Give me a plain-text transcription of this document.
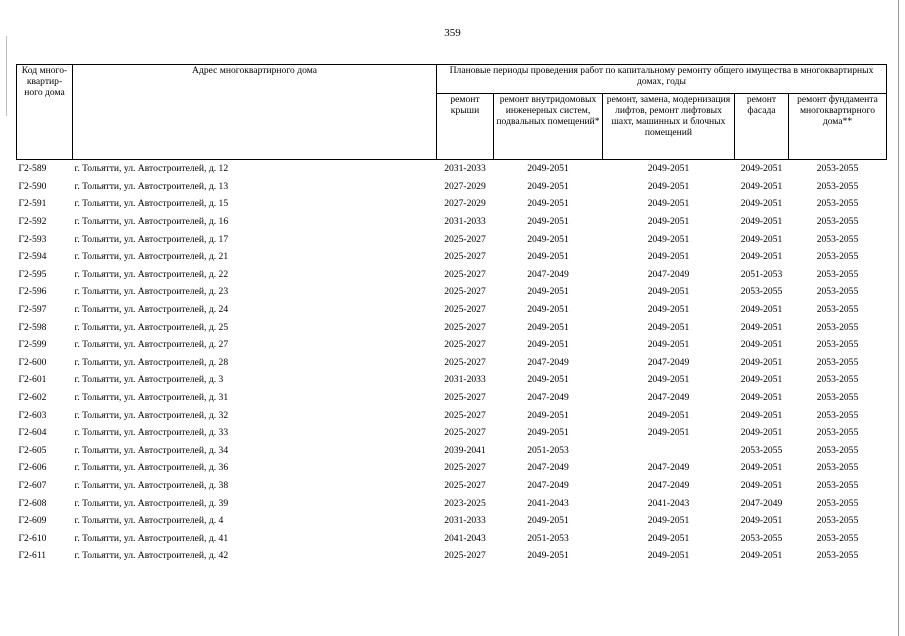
359
Код много-квартир-ного дома	Адрес многоквартирного дома	Плановые периоды проведения работ по капитальному ремонту общего имущества в многоквартирных домах, годы				
		ремонт крыши	ремонт внутридомовых инженерных систем, подвальных помещений*	ремонт, замена, модернизация лифтов, ремонт лифтовых шахт, машинных и блочных помещений	ремонт фасада	ремонт фундамента многоквартирного дома**
Г2-589	г. Тольятти, ул. Автостроителей, д. 12	2031-2033	2049-2051	2049-2051	2049-2051	2053-2055
Г2-590	г. Тольятти, ул. Автостроителей, д. 13	2027-2029	2049-2051	2049-2051	2049-2051	2053-2055
Г2-591	г. Тольятти, ул. Автостроителей, д. 15	2027-2029	2049-2051	2049-2051	2049-2051	2053-2055
Г2-592	г. Тольятти, ул. Автостроителей, д. 16	2031-2033	2049-2051	2049-2051	2049-2051	2053-2055
Г2-593	г. Тольятти, ул. Автостроителей, д. 17	2025-2027	2049-2051	2049-2051	2049-2051	2053-2055
Г2-594	г. Тольятти, ул. Автостроителей, д. 21	2025-2027	2049-2051	2049-2051	2049-2051	2053-2055
Г2-595	г. Тольятти, ул. Автостроителей, д. 22	2025-2027	2047-2049	2047-2049	2051-2053	2053-2055
Г2-596	г. Тольятти, ул. Автостроителей, д. 23	2025-2027	2049-2051	2049-2051	2053-2055	2053-2055
Г2-597	г. Тольятти, ул. Автостроителей, д. 24	2025-2027	2049-2051	2049-2051	2049-2051	2053-2055
Г2-598	г. Тольятти, ул. Автостроителей, д. 25	2025-2027	2049-2051	2049-2051	2049-2051	2053-2055
Г2-599	г. Тольятти, ул. Автостроителей, д. 27	2025-2027	2049-2051	2049-2051	2049-2051	2053-2055
Г2-600	г. Тольятти, ул. Автостроителей, д. 28	2025-2027	2047-2049	2047-2049	2049-2051	2053-2055
Г2-601	г. Тольятти, ул. Автостроителей, д. 3	2031-2033	2049-2051	2049-2051	2049-2051	2053-2055
Г2-602	г. Тольятти, ул. Автостроителей, д. 31	2025-2027	2047-2049	2047-2049	2049-2051	2053-2055
Г2-603	г. Тольятти, ул. Автостроителей, д. 32	2025-2027	2049-2051	2049-2051	2049-2051	2053-2055
Г2-604	г. Тольятти, ул. Автостроителей, д. 33	2025-2027	2049-2051	2049-2051	2049-2051	2053-2055
Г2-605	г. Тольятти, ул. Автостроителей, д. 34	2039-2041	2051-2053		2053-2055	2053-2055
Г2-606	г. Тольятти, ул. Автостроителей, д. 36	2025-2027	2047-2049	2047-2049	2049-2051	2053-2055
Г2-607	г. Тольятти, ул. Автостроителей, д. 38	2025-2027	2047-2049	2047-2049	2049-2051	2053-2055
Г2-608	г. Тольятти, ул. Автостроителей, д. 39	2023-2025	2041-2043	2041-2043	2047-2049	2053-2055
Г2-609	г. Тольятти, ул. Автостроителей, д. 4	2031-2033	2049-2051	2049-2051	2049-2051	2053-2055
Г2-610	г. Тольятти, ул. Автостроителей, д. 41	2041-2043	2051-2053	2049-2051	2053-2055	2053-2055
Г2-611	г. Тольятти, ул. Автостроителей, д. 42	2025-2027	2049-2051	2049-2051	2049-2051	2053-2055
